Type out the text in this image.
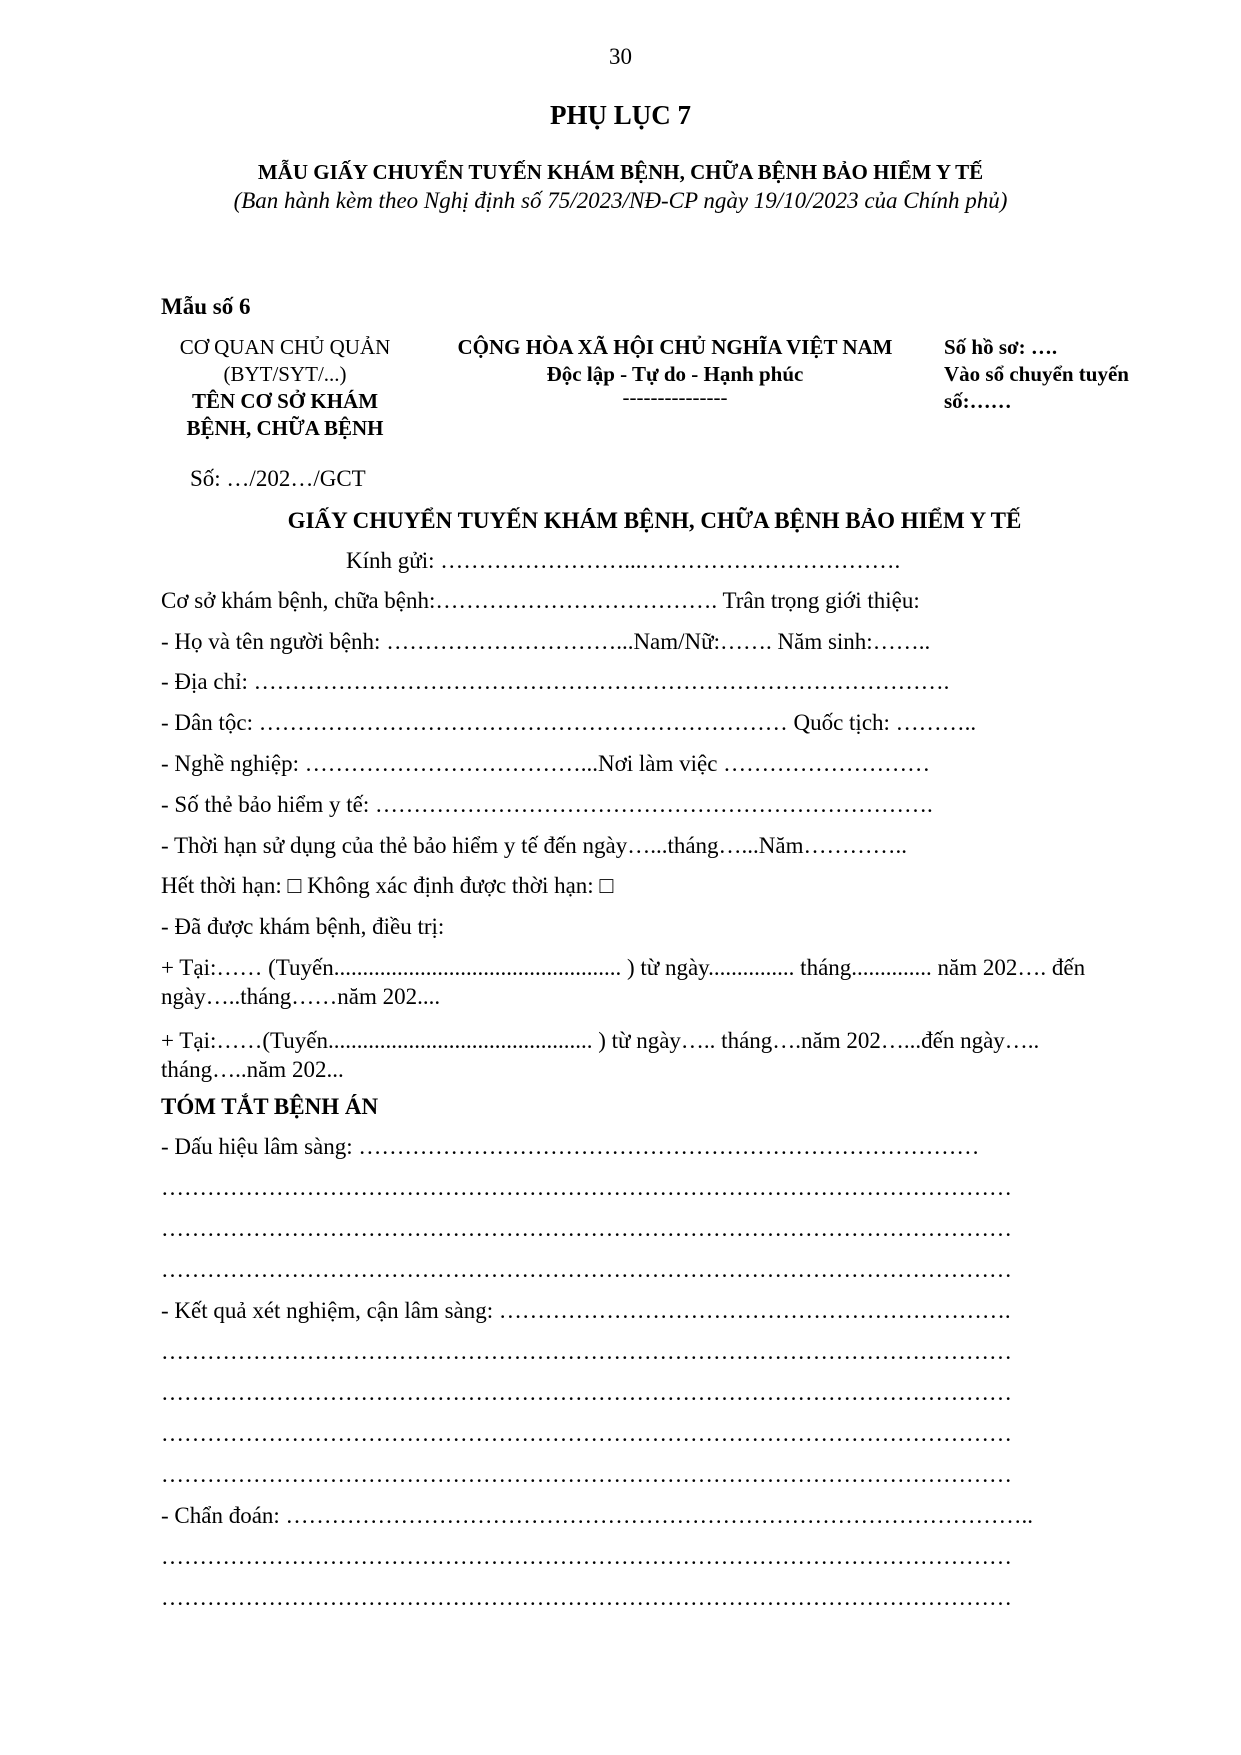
30
PHỤ LỤC 7
MẪU GIẤY CHUYỂN TUYẾN KHÁM BỆNH, CHỮA BỆNH BẢO HIỂM Y TẾ
(Ban hành kèm theo Nghị định số 75/2023/NĐ-CP ngày 19/10/2023 của Chính phủ)
Mẫu số 6
CƠ QUAN CHỦ QUẢN
(BYT/SYT/...)
TÊN CƠ SỞ KHÁM
BỆNH, CHỮA BỆNH
CỘNG HÒA XÃ HỘI CHỦ NGHĨA VIỆT NAM
Độc lập - Tự do - Hạnh phúc
---------------
Số hồ sơ: ….
Vào sổ chuyển tuyến
số:……
Số: …/202…/GCT
GIẤY CHUYỂN TUYẾN KHÁM BỆNH, CHỮA BỆNH BẢO HIỂM Y TẾ
Kính gửi: ……………………...…………………………….
Cơ sở khám bệnh, chữa bệnh:………………………………. Trân trọng giới thiệu:
- Họ và tên người bệnh: …………………………...Nam/Nữ:……. Năm sinh:……..
- Địa chỉ: ……………………………………………………………………………….
- Dân tộc: …………………………………………………………… Quốc tịch: ………..
- Nghề nghiệp: ………………………………...Nơi làm việc ………………………
- Số thẻ bảo hiểm y tế: ……………………………………………………………….
- Thời hạn sử dụng của thẻ bảo hiểm y tế đến ngày…...tháng…...Năm…………..
Hết thời hạn: □ Không xác định được thời hạn: □
- Đã được khám bệnh, điều trị:
+ Tại:…… (Tuyến.................................................. ) từ ngày............... tháng.............. năm 202…. đến ngày…..tháng……năm 202....
+ Tại:……(Tuyến.............................................. ) từ ngày….. tháng….năm 202…...đến ngày….. tháng…..năm 202...
TÓM TẮT BỆNH ÁN
- Dấu hiệu lâm sàng: ………………………………………………………………………
…………………………………………………………………………………………………
…………………………………………………………………………………………………
…………………………………………………………………………………………………
- Kết quả xét nghiệm, cận lâm sàng: ………………………………………………………….
…………………………………………………………………………………………………
…………………………………………………………………………………………………
…………………………………………………………………………………………………
…………………………………………………………………………………………………
- Chẩn đoán: ……………………………………………………………………………………..
…………………………………………………………………………………………………
…………………………………………………………………………………………………
